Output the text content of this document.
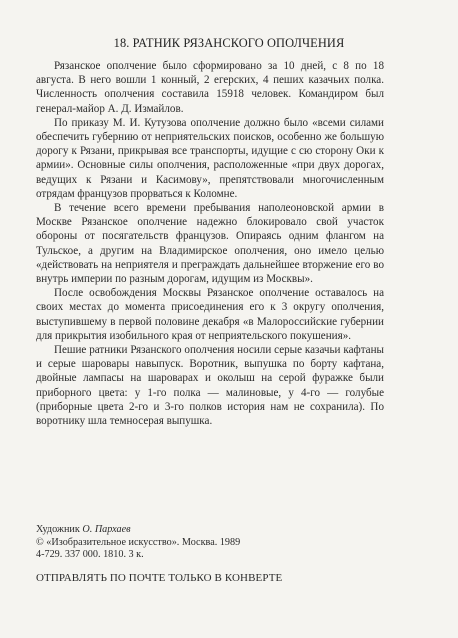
18. РАТНИК РЯЗАНСКОГО ОПОЛЧЕНИЯ

Рязанское ополчение было сформировано за 10 дней, с 8 по 18 августа. В него вошли 1 конный, 2 егерских, 4 пеших казачьих полка. Численность ополчения составила 15918 человек. Командиром был генерал-майор А. Д. Измайлов.

По приказу М. И. Кутузова ополчение должно было «всеми силами обеспечить губернию от неприятельских поисков, особенно же большую дорогу к Рязани, прикрывая все транспорты, идущие с сю сторону Оки к армии». Основные силы ополчения, расположенные «при двух дорогах, ведущих к Рязани и Касимову», препятствовали многочисленным отрядам французов прорваться к Коломне.

В течение всего времени пребывания наполеоновской армии в Москве Рязанское ополчение надежно блокировало свой участок обороны от посягательств французов. Опираясь одним флангом на Тульское, а другим на Владимирское ополчения, оно имело целью «действовать на неприятеля и преграждать дальнейшее вторжение его во внутрь империи по разным дорогам, идущим из Москвы».

После освобождения Москвы Рязанское ополчение оставалось на своих местах до момента присоединения его к 3 округу ополчения, выступившему в первой половине декабря «в Малороссийские губернии для прикрытия изобильного края от неприятельского покушения».

Пешие ратники Рязанского ополчения носили серые казачьи кафтаны и серые шаровары навыпуск. Воротник, выпушка по борту кафтана, двойные лампасы на шароварах и околыш на серой фуражке были приборного цвета: у 1-го полка — малиновые, у 4-го — голубые (приборные цвета 2-го и 3-го полков история нам не сохранила). По воротнику шла темносерая выпушка.

Художник О. Пархаев
© «Изобразительное искусство». Москва. 1989
4-729. 337 000. 1810. 3 к.
ОТПРАВЛЯТЬ ПО ПОЧТЕ ТОЛЬКО В КОНВЕРТЕ
